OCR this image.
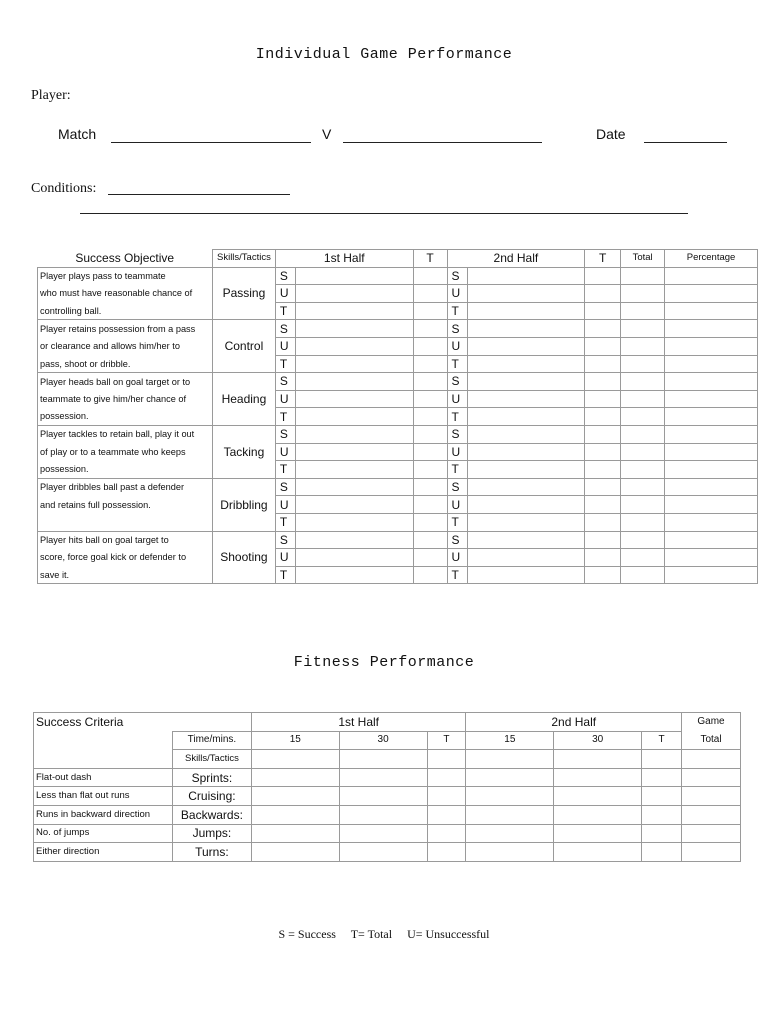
Individual Game Performance
Player:
Match	V	Date
Conditions:
Success Objective	Skills/Tactics	1st Half		T	2nd Half		T	Total	Percentage
Player plays pass to teammate	Passing	S			S				
who must have reasonable chance of		U			U				
controlling ball.		T			T				
Player retains possession from a pass	Control	S			S				
or clearance and allows him/her to		U			U				
pass, shoot or dribble.		T			T				
Player heads ball on goal target or to	Heading	S			S				
teammate to give him/her chance of		U			U				
possession.		T			T				
Player tackles to retain ball, play it out	Tacking	S			S				
of play or to a teammate who keeps		U			U				
possession.		T			T				
Player dribbles ball past a defender	Dribbling	S			S				
and retains full possession.		U			U				
		T			T				
Player hits ball on goal target to	Shooting	S			S				
score, force goal kick or defender to		U			U				
save it.		T			T				
Fitness Performance
Success Criteria		1st Half			2nd Half			Game
	Time/mins.	15	30	T	15	30	T	Total
	Skills/Tactics							
Flat-out dash	Sprints:							
Less than flat out runs	Cruising:							
Runs in backward direction	Backwards:							
No. of jumps	Jumps:							
Either direction	Turns:							
S = Success     T= Total     U= Unsuccessful
